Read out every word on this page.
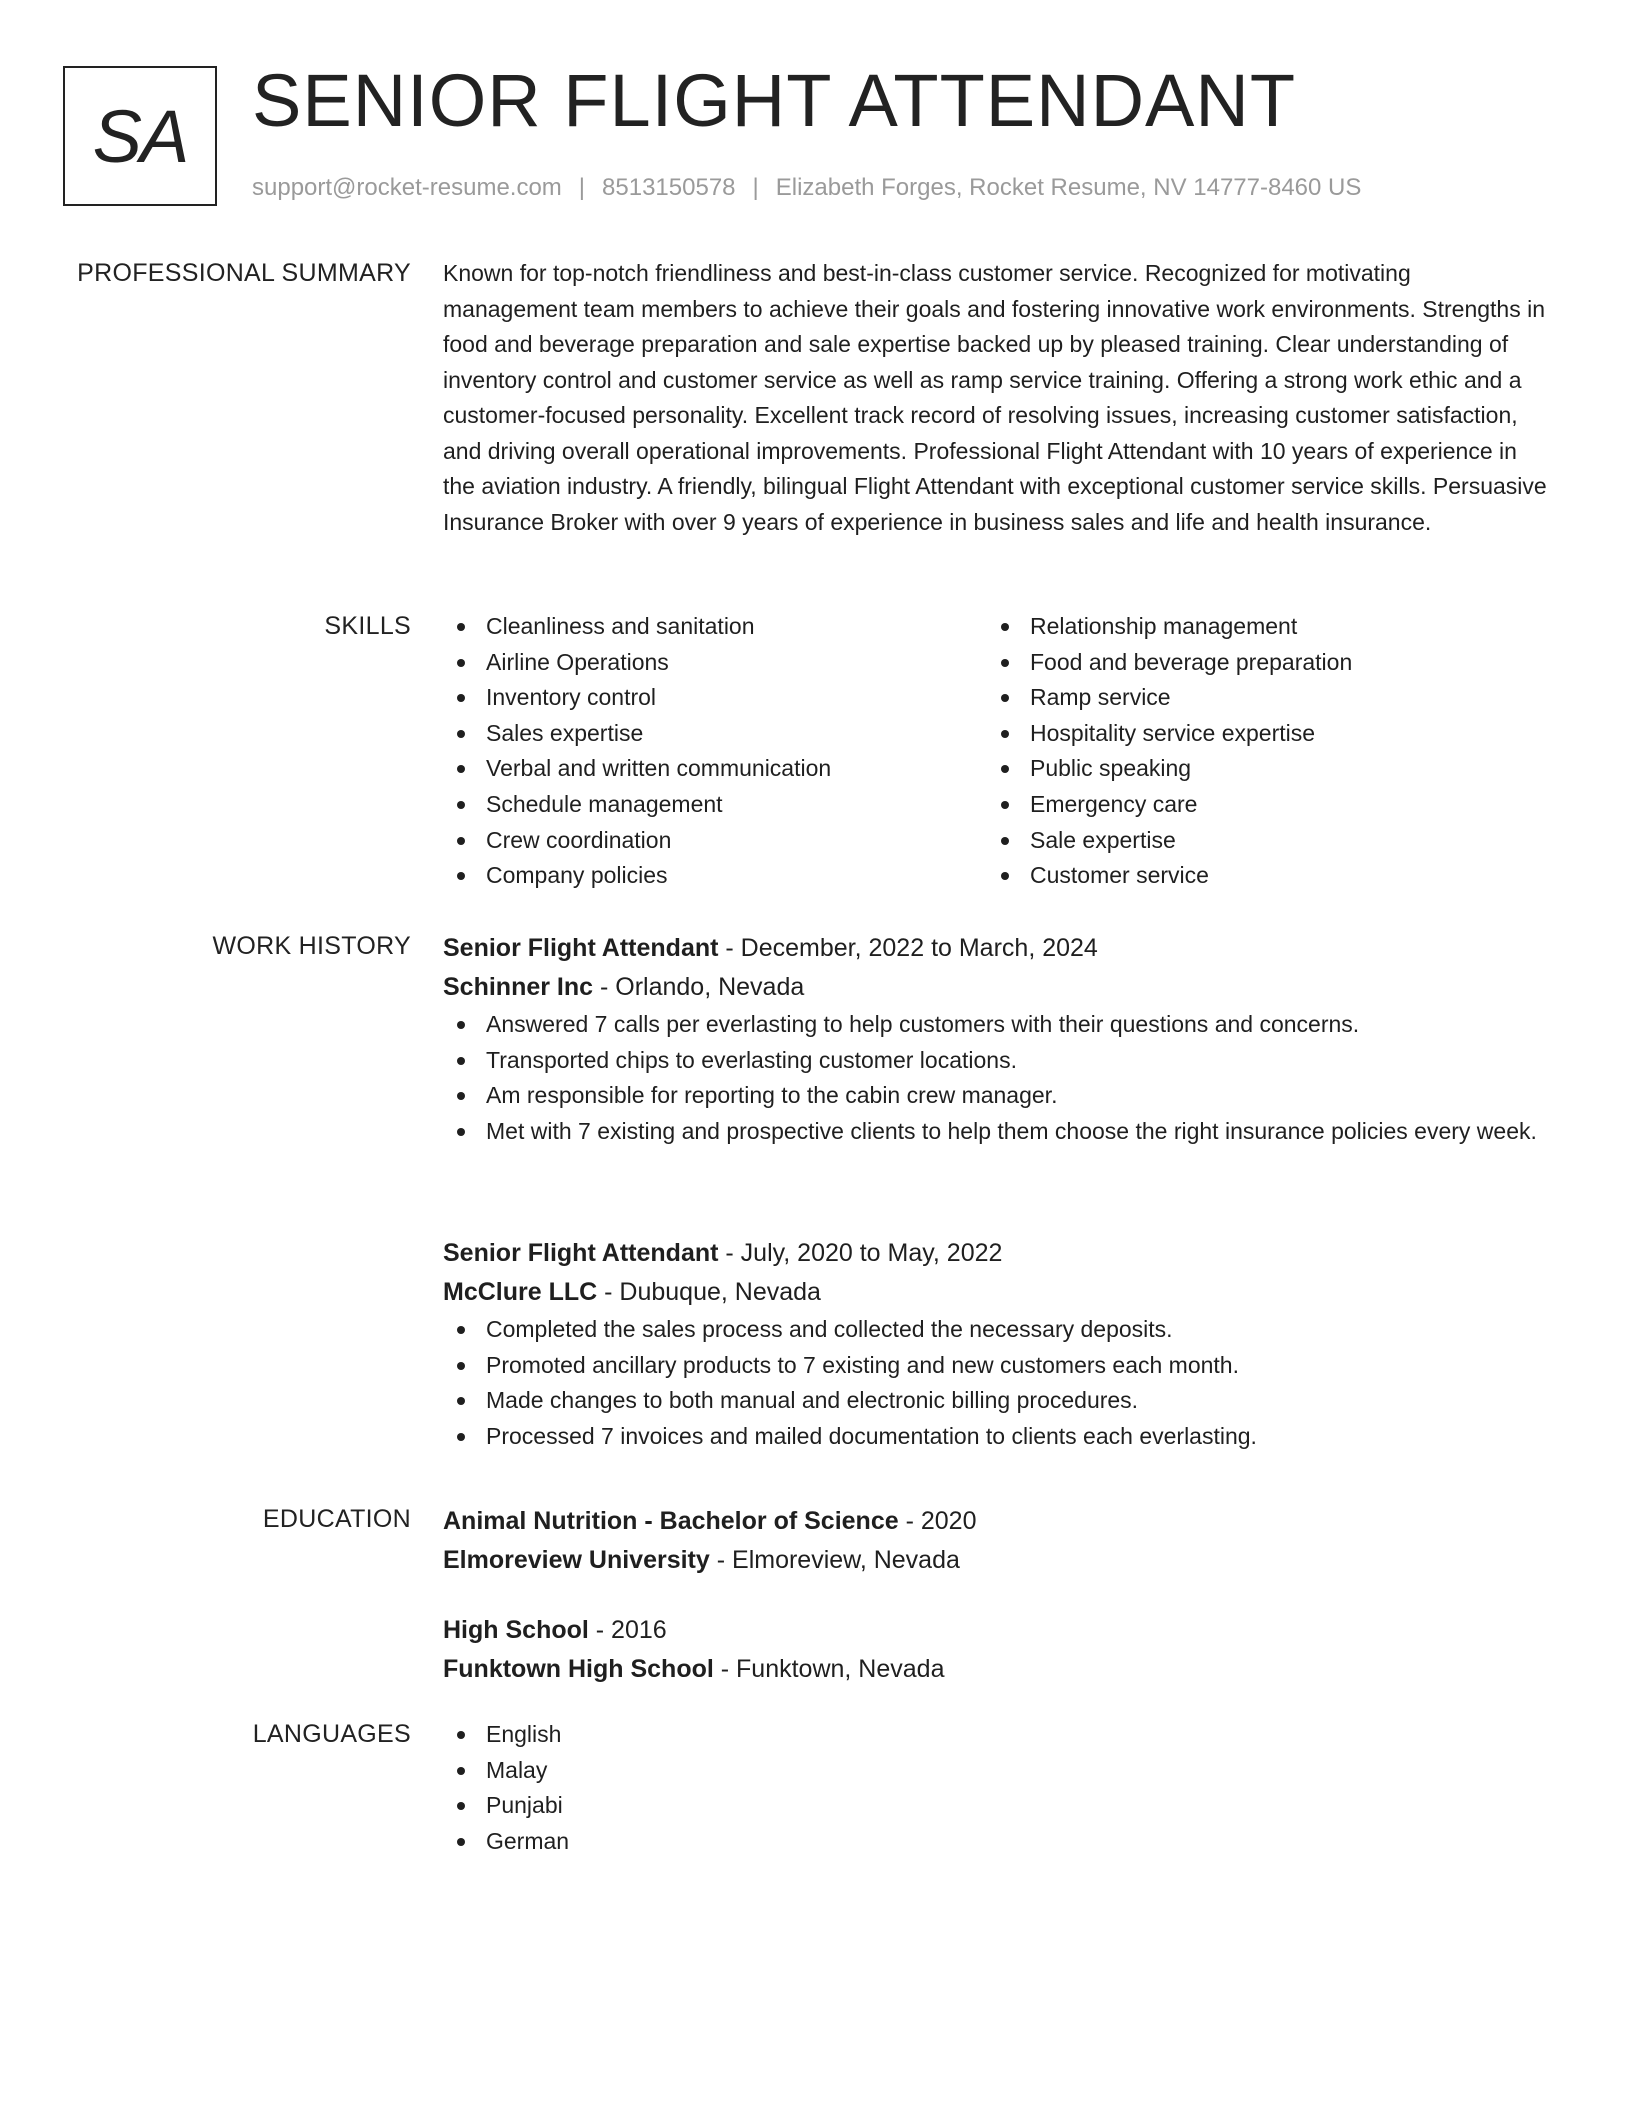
SA SENIOR FLIGHT ATTENDANT
support@rocket-resume.com | 8513150578 | Elizabeth Forges, Rocket Resume, NV 14777-8460 US
PROFESSIONAL SUMMARY Known for top-notch friendliness and best-in-class customer service. Recognized for motivating management team members to achieve their goals and fostering innovative work environments. Strengths in food and beverage preparation and sale expertise backed up by pleased training. Clear understanding of inventory control and customer service as well as ramp service training. Offering a strong work ethic and a customer-focused personality. Excellent track record of resolving issues, increasing customer satisfaction, and driving overall operational improvements. Professional Flight Attendant with 10 years of experience in the aviation industry. A friendly, bilingual Flight Attendant with exceptional customer service skills. Persuasive Insurance Broker with over 9 years of experience in business sales and life and health insurance.

SKILLS	Cleanliness and sanitation
Airline Operations
Inventory control
Sales expertise
Verbal and written communication
Schedule management
Crew coordination
Company policies
Relationship management
Food and beverage preparation
Ramp service
Hospitality service expertise
Public speaking
Emergency care
Sale expertise
Customer service
WORK HISTORY Senior Flight Attendant - December, 2022 to March, 2024

Schinner Inc - Orlando, Nevada

Answered 7 calls per everlasting to help customers with their questions and concerns.
Transported chips to everlasting customer locations.
Am responsible for reporting to the cabin crew manager.
Met with 7 existing and prospective clients to help them choose the right insurance policies every week.

Senior Flight Attendant - July, 2020 to May, 2022

McClure LLC - Dubuque, Nevada

Completed the sales process and collected the necessary deposits.
Promoted ancillary products to 7 existing and new customers each month.
Made changes to both manual and electronic billing procedures.
Processed 7 invoices and mailed documentation to clients each everlasting.
EDUCATION Animal Nutrition - Bachelor of Science - 2020

Elmoreview University - Elmoreview, Nevada

High School - 2016

Funktown High School - Funktown, Nevada

LANGUAGES	English
Malay
Punjabi
German
